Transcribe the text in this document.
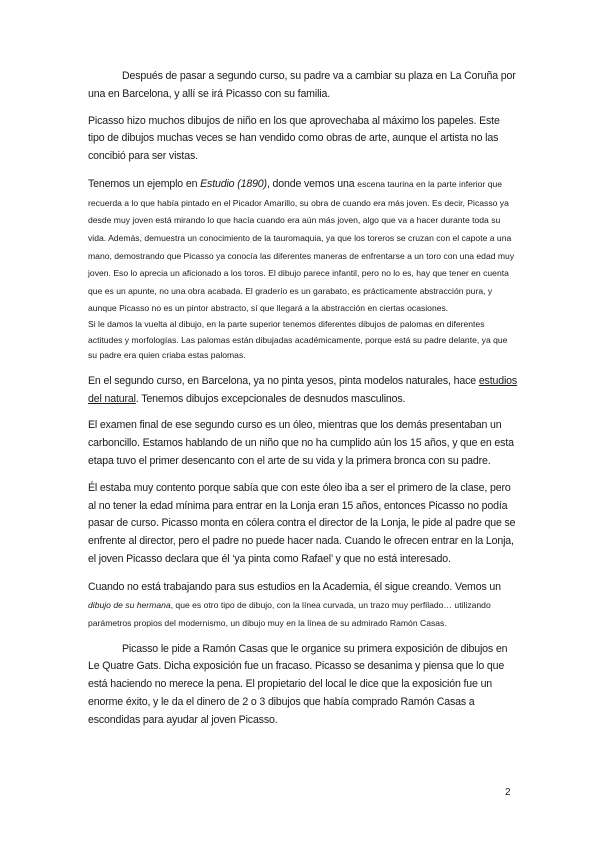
Después de pasar a segundo curso, su padre va a cambiar su plaza en La Coruña por una en Barcelona, y allí se irá Picasso con su familia.

Picasso hizo muchos dibujos de niño en los que aprovechaba al máximo los papeles. Este tipo de dibujos muchas veces se han vendido como obras de arte, aunque el artista no las concibió para ser vistas.

Tenemos un ejemplo en Estudio (1890), donde vemos una escena taurina en la parte inferior que recuerda a lo que había pintado en el Picador Amarillo, su obra de cuando era más joven. Es decir, Picasso ya desde muy joven está mirando lo que hacía cuando era aún más joven, algo que va a hacer durante toda su vida. Además, demuestra un conocimiento de la tauromaquia, ya que los toreros se cruzan con el capote a una mano, demostrando que Picasso ya conocía las diferentes maneras de enfrentarse a un toro con una edad muy joven. Eso lo aprecia un aficionado a los toros. El dibujo parece infantil, pero no lo es, hay que tener en cuenta que es un apunte, no una obra acabada. El graderío es un garabato, es prácticamente abstracción pura, y aunque Picasso no es un pintor abstracto, sí que llegará a la abstracción en ciertas ocasiones.

Si le damos la vuelta al dibujo, en la parte superior tenemos diferentes dibujos de palomas en diferentes actitudes y morfologías. Las palomas están dibujadas académicamente, porque está su padre delante, ya que su padre era quien criaba estas palomas.

En el segundo curso, en Barcelona, ya no pinta yesos, pinta modelos naturales, hace estudios del natural. Tenemos dibujos excepcionales de desnudos masculinos.

El examen final de ese segundo curso es un óleo, mientras que los demás presentaban un carboncillo. Estamos hablando de un niño que no ha cumplido aún los 15 años, y que en esta etapa tuvo el primer desencanto con el arte de su vida y la primera bronca con su padre.

Él estaba muy contento porque sabía que con este óleo iba a ser el primero de la clase, pero al no tener la edad mínima para entrar en la Lonja eran 15 años, entonces Picasso no podía pasar de curso. Picasso monta en cólera contra el director de la Lonja, le pide al padre que se enfrente al director, pero el padre no puede hacer nada. Cuando le ofrecen entrar en la Lonja, el joven Picasso declara que él ‘ya pinta como Rafael’ y que no está interesado.

Cuando no está trabajando para sus estudios en la Academia, él sigue creando. Vemos un dibujo de su hermana, que es otro tipo de dibujo, con la línea curvada, un trazo muy perfilado… utilizando parámetros propios del modernismo, un dibujo muy en la línea de su admirado Ramón Casas.

Picasso le pide a Ramón Casas que le organice su primera exposición de dibujos en Le Quatre Gats. Dicha exposición fue un fracaso. Picasso se desanima y piensa que lo que está haciendo no merece la pena. El propietario del local le dice que la exposición fue un enorme éxito, y le da el dinero de 2 o 3 dibujos que había comprado Ramón Casas a escondidas para ayudar al joven Picasso.

2
